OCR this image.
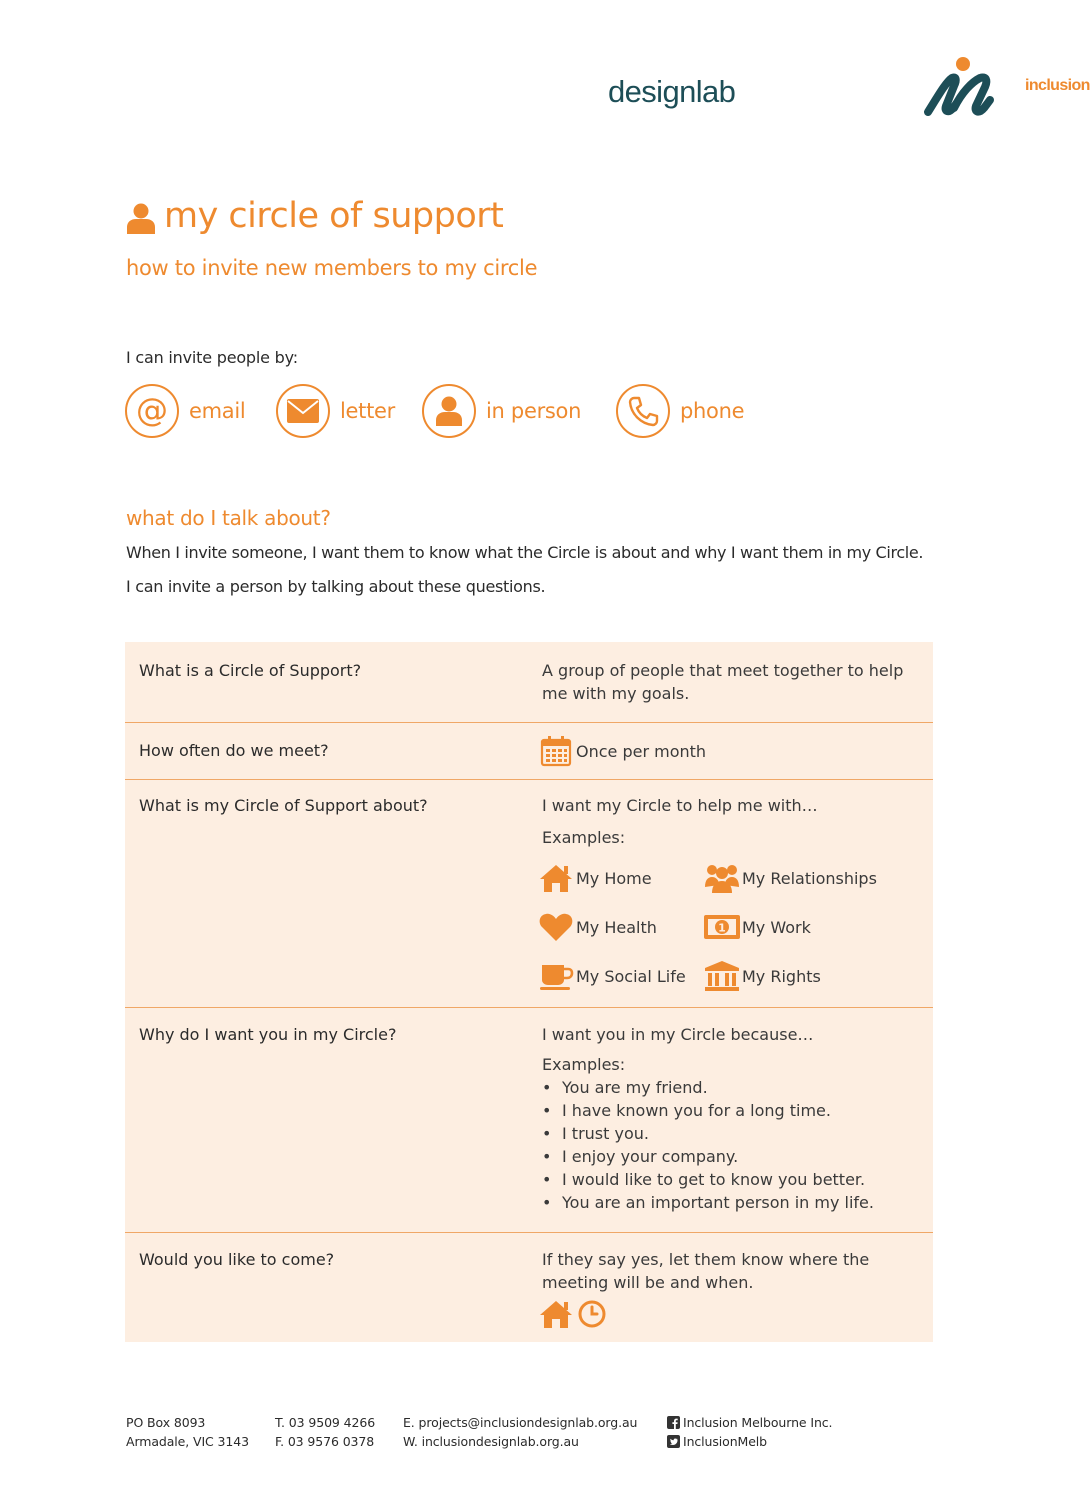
inclusion
designlab
my circle of support
how to invite new members to my circle
I can invite people by:
@ email	letter	in person	phone
what do I talk about?
When I invite someone, I want them to know what the Circle is about and why I want them in my Circle.
I can invite a person by talking about these questions.
What is a Circle of Support?	A group of people that meet together to help
me with my goals.
How often do we meet?	Once per month
What is my Circle of Support about?	I want my Circle to help me with…
Examples:
My Home	My Relationships
My Health	1 My Work
My Social Life	My Rights
Why do I want you in my Circle?	I want you in my Circle because…
Examples:
• You are my friend.
• I have known you for a long time.
• I trust you.
• I enjoy your company.
• I would like to get to know you better.
• You are an important person in my life.
Would you like to come?	If they say yes, let them know where the
meeting will be and when.
PO Box 8093
Armadale, VIC 3143
T. 03 9509 4266
F. 03 9576 0378
E. projects@inclusiondesignlab.org.au
W. inclusiondesignlab.org.au
Inclusion Melbourne Inc.
InclusionMelb
